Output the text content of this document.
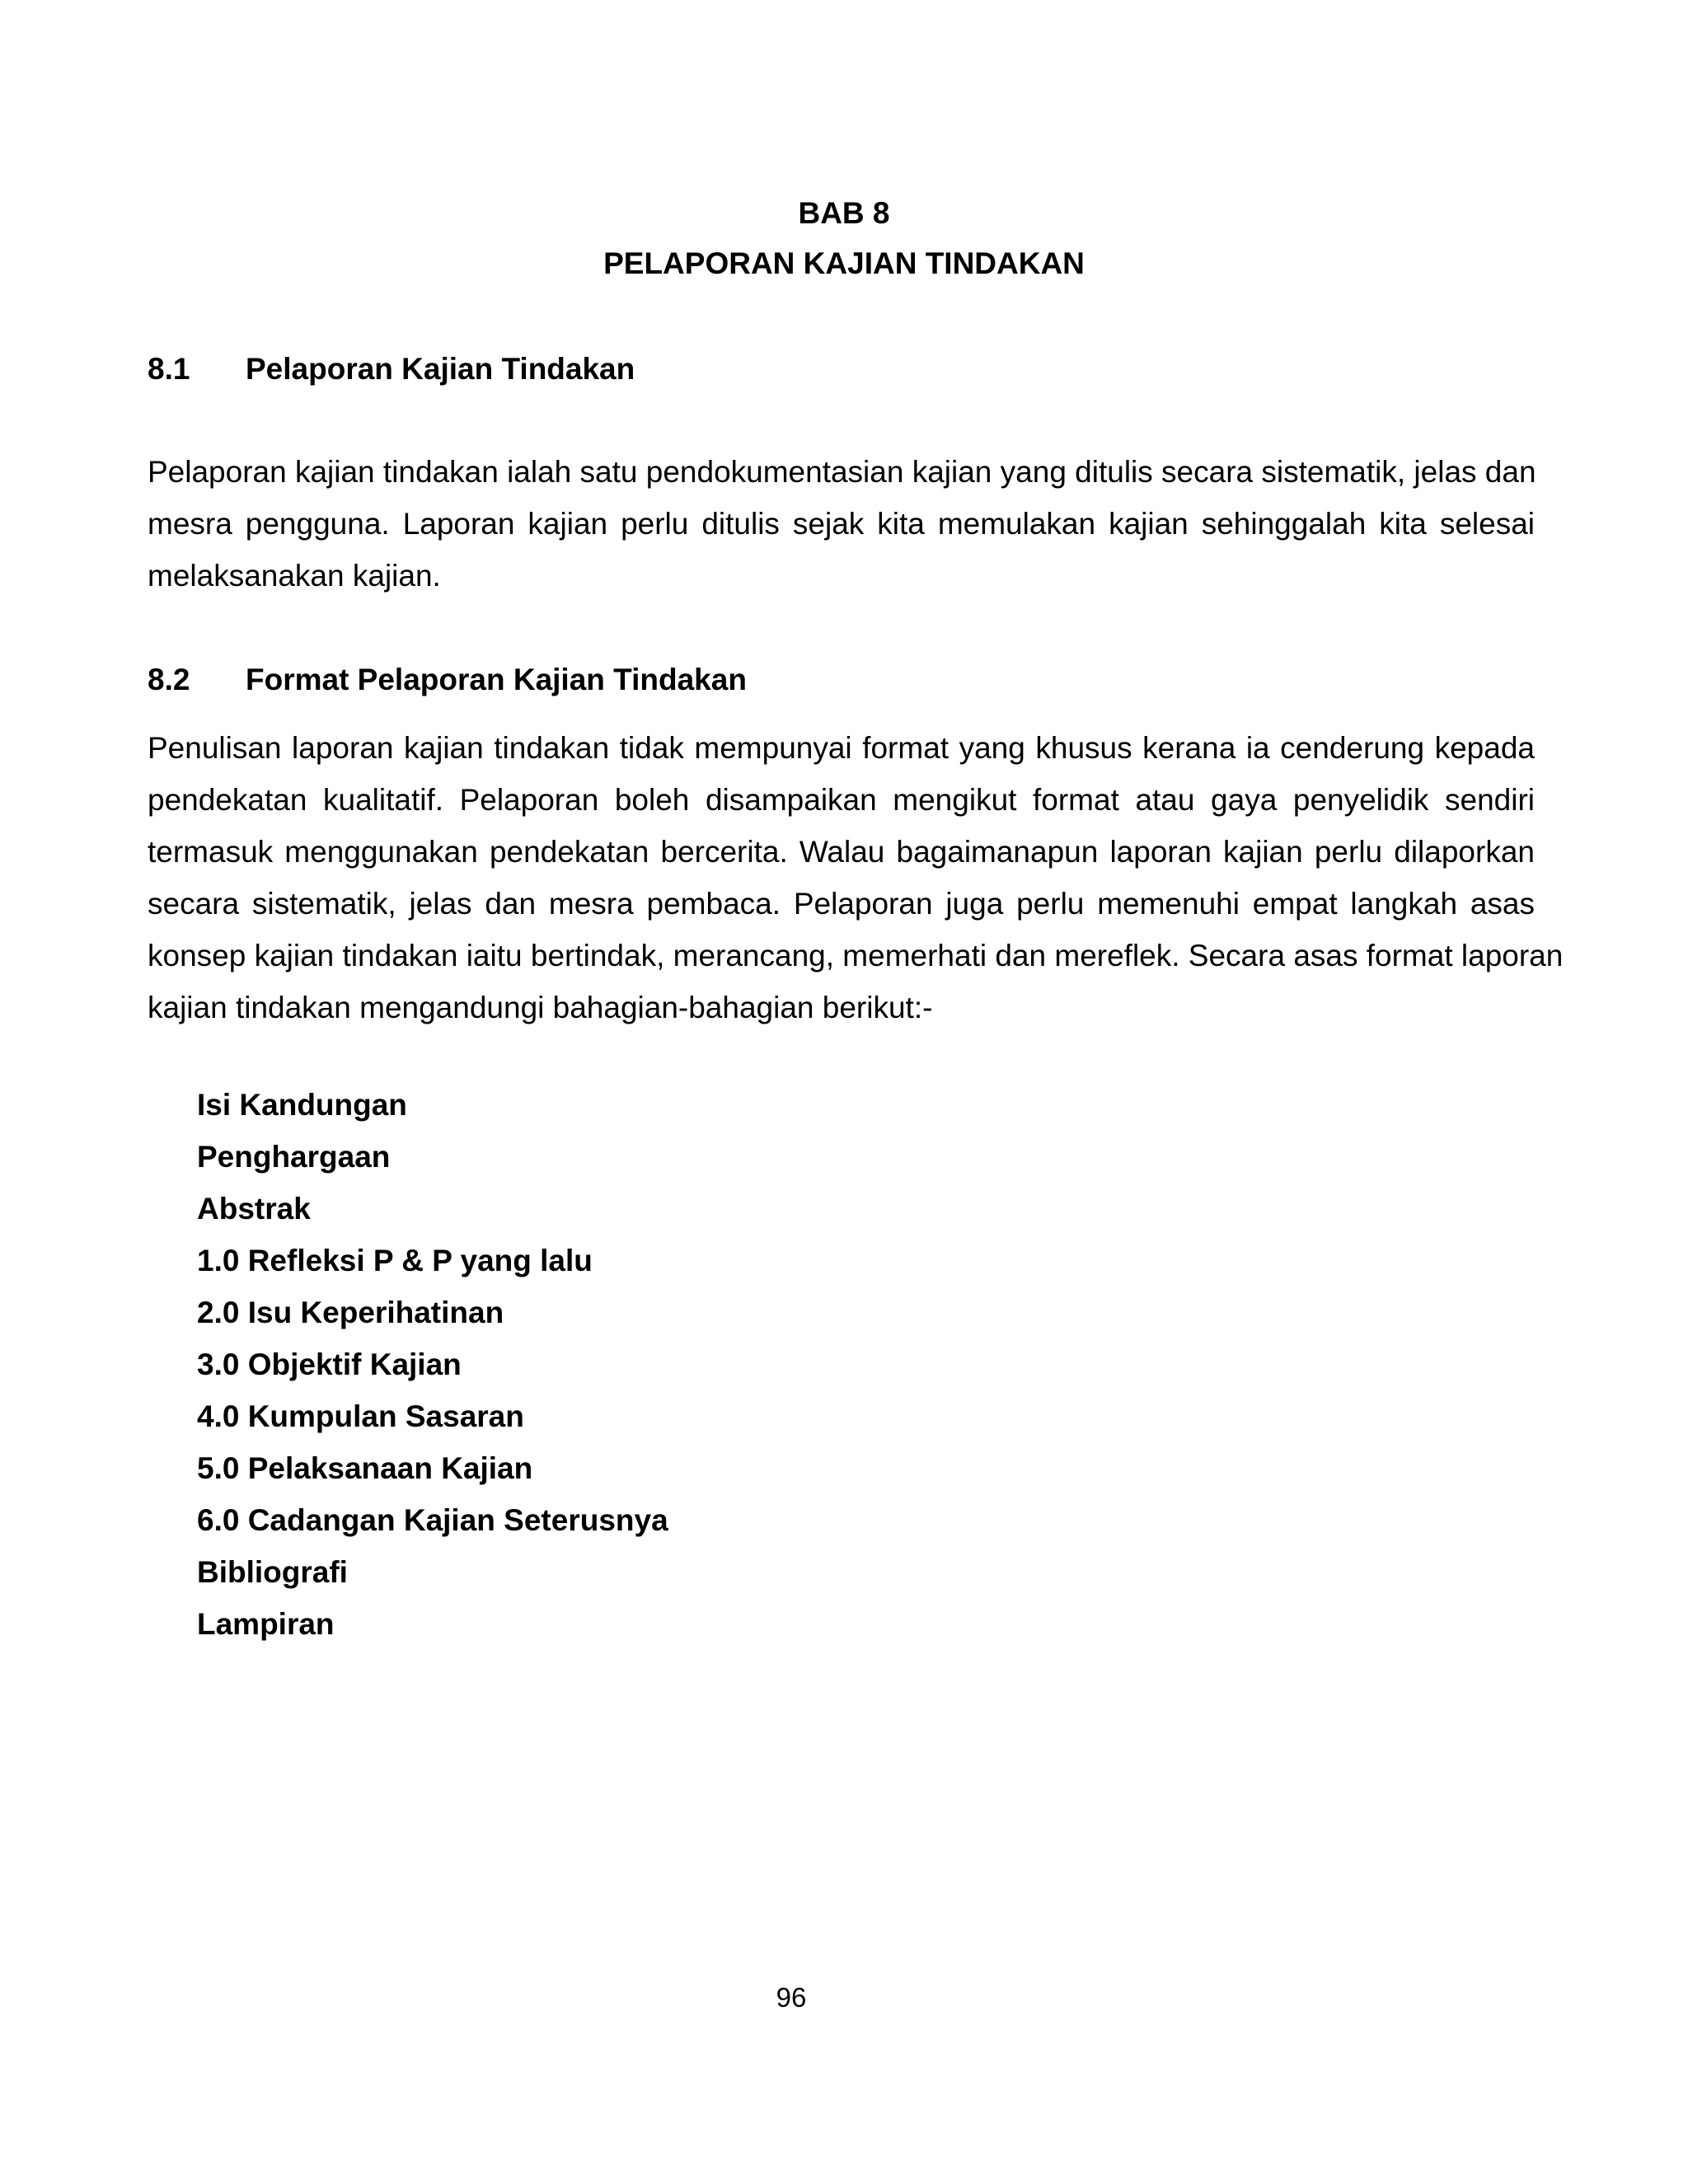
BAB 8
PELAPORAN KAJIAN TINDAKAN
8.1 Pelaporan Kajian Tindakan

Pelaporan kajian tindakan ialah satu pendokumentasian kajian yang ditulis secara sistematik, jelas dan
mesra pengguna. Laporan kajian perlu ditulis sejak kita memulakan kajian sehinggalah kita selesai
melaksanakan kajian.

8.2 Format Pelaporan Kajian Tindakan

Penulisan laporan kajian tindakan tidak mempunyai format yang khusus kerana ia cenderung kepada
pendekatan kualitatif. Pelaporan boleh disampaikan mengikut format atau gaya penyelidik sendiri
termasuk menggunakan pendekatan bercerita. Walau bagaimanapun laporan kajian perlu dilaporkan
secara sistematik, jelas dan mesra pembaca. Pelaporan juga perlu memenuhi empat langkah asas
konsep kajian tindakan iaitu bertindak, merancang, memerhati dan mereflek. Secara asas format laporan
kajian tindakan mengandungi bahagian-bahagian berikut:-

Isi Kandungan
Penghargaan
Abstrak
1.0 Refleksi P & P yang lalu
2.0 Isu Keperihatinan
3.0 Objektif Kajian
4.0 Kumpulan Sasaran
5.0 Pelaksanaan Kajian
6.0 Cadangan Kajian Seterusnya
Bibliografi
Lampiran

96
